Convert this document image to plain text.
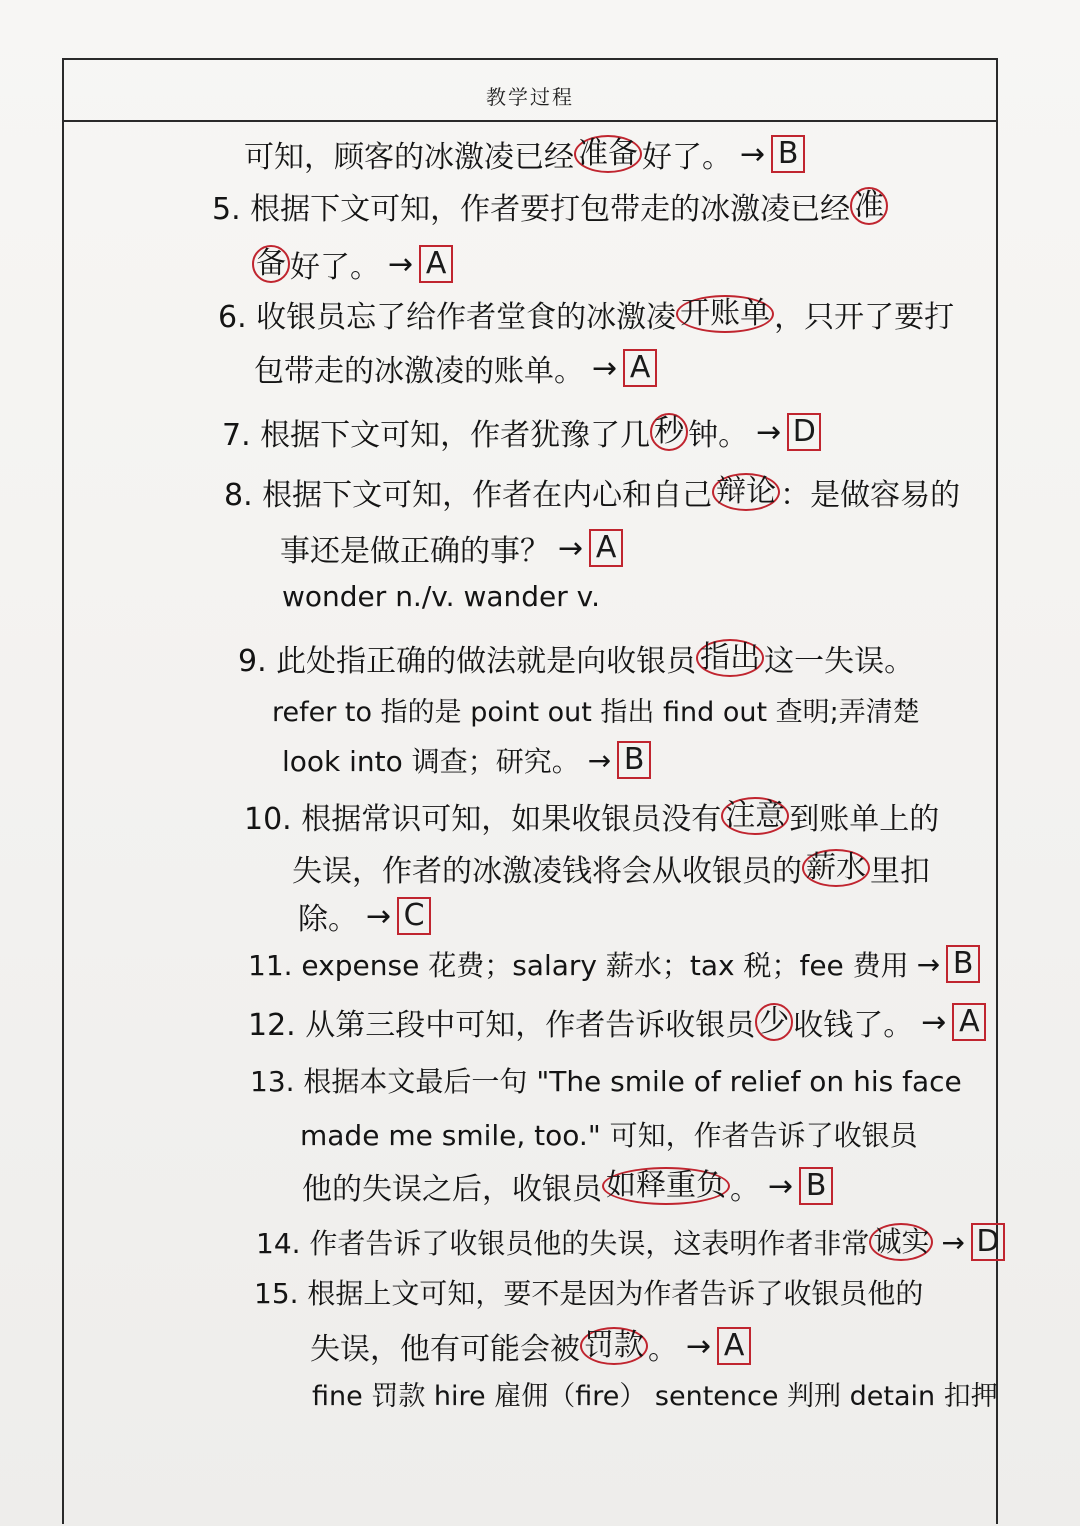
教学过程
可知，顾客的冰激凌已经 准备 好了。 → B
5. 根据下文可知，作者要打包带走的冰激凌已经 准
备 好了。 → A
6. 收银员忘了给作者堂食的冰激凌 开账单 ，只开了要打
包带走的冰激凌的账单。 → A
7. 根据下文可知，作者犹豫了几 秒 钟。 → D
8. 根据下文可知，作者在内心和自己 辩论 ：是做容易的
事还是做正确的事？ → A
wonder n./v. wander v.
9. 此处指正确的做法就是向收银员 指出 这一失误。
refer to 指的是 point out 指出 find out 查明;弄清楚
look into 调查；研究。 → B
10. 根据常识可知，如果收银员没有 注意 到账单上的
失误，作者的冰激凌钱将会从收银员的 薪水 里扣
除。 → C
11. expense 花费；salary 薪水；tax 税；fee 费用 → B
12. 从第三段中可知，作者告诉收银员 少 收钱了。 → A
13. 根据本文最后一句 "The smile of relief on his face
made me smile, too." 可知，作者告诉了收银员
他的失误之后，收银员 如释重负 。 → B
14. 作者告诉了收银员他的失误，这表明作者非常 诚实 → D
15. 根据上文可知，要不是因为作者告诉了收银员他的
失误，他有可能会被 罚款 。 → A
fine 罚款 hire 雇佣（fire） sentence 判刑 detain 扣押
